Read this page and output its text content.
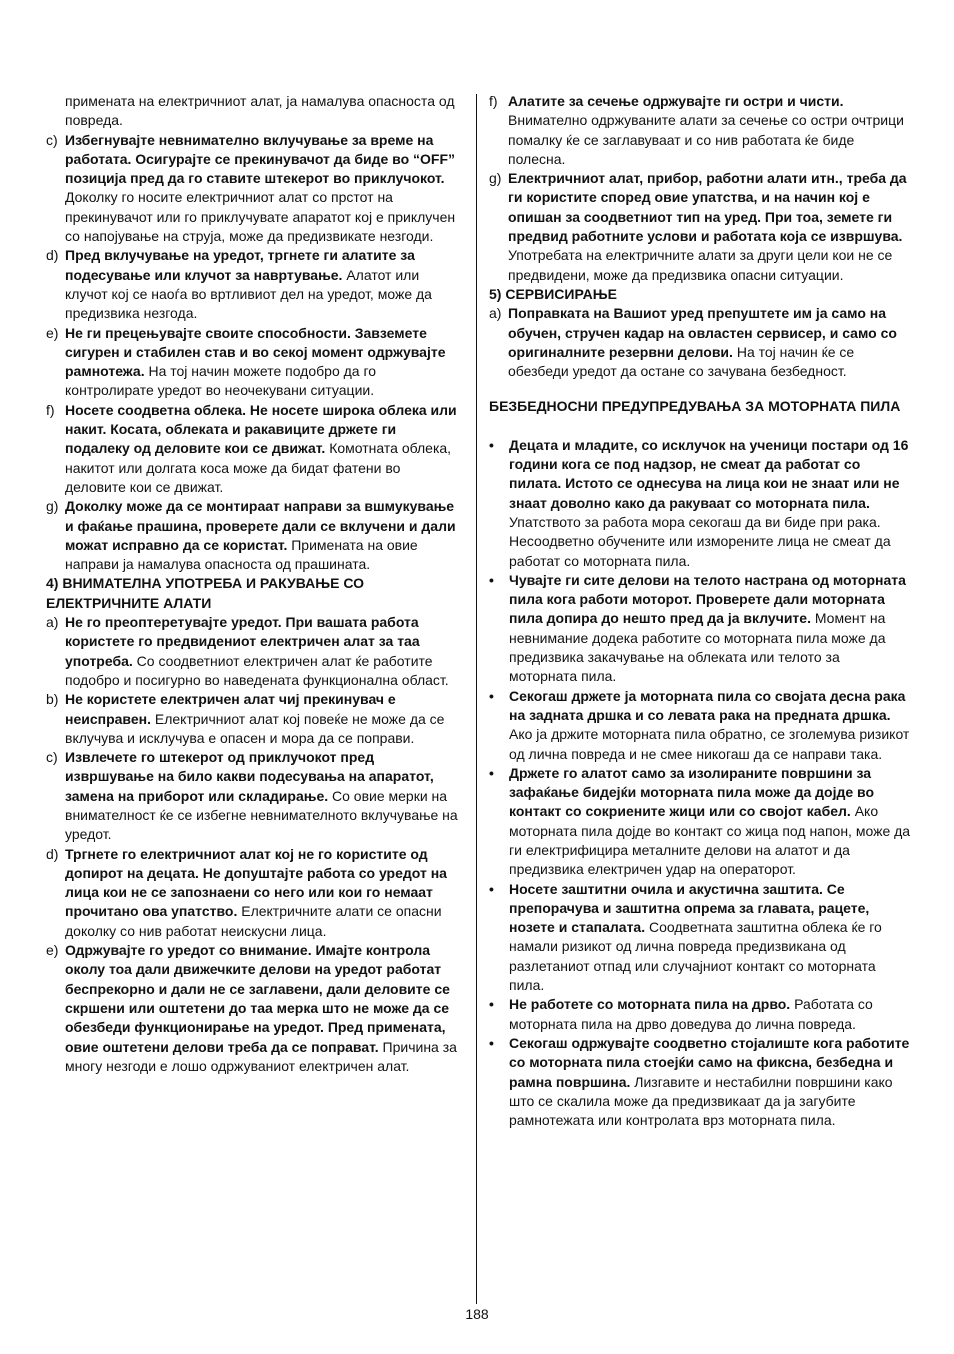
примената на електричниот алат, ја намалува опасноста од повреда.
c) Избегнувајте невнимателно вклучување за време на работата. Осигурајте се прекинувачот да биде во “OFF” позиција пред да го ставите штекерот во приклучокот. Доколку го носите електричниот алат со прстот на прекинувачот или го приклучувате апаратот кој е приклучен со напојување на струја, може да предизвикате незгоди.
d) Пред вклучување на уредот, тргнете ги алатите за подесување или клучот за навртување. Алатот или клучот кој се наоѓа во вртливиот дел на уредот, може да предизвика незгода.
e) Не ги прецењувајте своите способности. Завземете сигурен и стабилен став и во секој момент одржувајте рамнотежа. На тој начин можете подобро да го контролирате уредот во неочекувани ситуации.
f) Носете соодветна облека. Не носете широка облека или накит. Косата, облеката и ракавиците држете ги подалеку од деловите кои се движат. Комотната облека, накитот или долгата коса може да бидат фатени во деловите кои се движат.
g) Доколку може да се монтираат направи за вшмукување и фаќање прашина, проверете дали се вклучени и дали можат исправно да се користат. Примената на овие направи ја намалува опасноста од прашината.
4) ВНИМАТЕЛНА УПОТРЕБА И РАКУВАЊЕ СО ЕЛЕКТРИЧНИТЕ АЛАТИ
a) Не го преоптеретувајте уредот. При вашата работа користете го предвидениот електричен алат за таа употреба. Со соодветниот електричен алат ќе работите подобро и посигурно во наведената функционална област.
b) Не користете електричен алат чиј прекинувач е неисправен. Електричниот алат кој повеќе не може да се вклучува и исклучува е опасен и мора да се поправи.
c) Извлечете го штекерот од приклучокот пред извршување на било какви подесувања на апаратот, замена на приборот или складирање. Со овие мерки на внимателност ќе се избегне невнимателното вклучување на уредот.
d) Тргнете го електричниот алат кој не го користите од допирот на децата. Не допуштајте работа со уредот на лица кои не се запознаени со него или кои го немаат прочитано ова упатство. Електричните алати се опасни доколку со нив работат неискусни лица.
e) Одржувајте го уредот со внимание. Имајте контрола околу тоа дали движечките делови на уредот работат беспрекорно и дали не се заглавени, дали деловите се скршени или оштетени до таа мерка што не може да се обезбеди функционирање на уредот. Пред примената, овие оштетени делови треба да се поправат. Причина за многу незгоди е лошо одржуваниот електричен алат.
f) Алатите за сечење одржувајте ги остри и чисти. Внимателно одржуваните алати за сечење со остри очтрици помалку ќе се заглавуваат и со нив работата ќе биде полесна.
g) Електричниот алат, прибор, работни алати итн., треба да ги користите според овие упатства, и на начин кој е опишан за соодветниот тип на уред. При тоа, земете ги предвид работните услови и работата која се извршува. Употребата на електричните алати за други цели кои не се предвидени, може да предизвика опасни ситуации.
5) СЕРВИСИРАЊЕ
a) Поправката на Вашиот уред препуштете им ја само на обучен, стручен кадар на овластен сервисер, и само со оригиналните резервни делови. На тој начин ќе се обезбеди уредот да остане со зачувана безбедност.
БЕЗБЕДНОСНИ ПРЕДУПРЕДУВАЊА ЗА МОТОРНАТА ПИЛА
• Децата и младите, со исклучок на ученици постари од 16 години кога се под надзор, не смеат да работат со пилата. Истото се однесува на лица кои не знаат или не знаат доволно како да ракуваат со моторната пила. Упатството за работа мора секогаш да ви биде при рака. Несоодветно обучените или изморените лица не смеат да работат со моторната пила.
• Чувајте ги сите делови на телото настрана од моторната пила кога работи моторот. Проверете дали моторната пила допира до нешто пред да ја вклучите. Момент на невнимание додека работите со моторната пила може да предизвика закачување на облеката или телото за моторната пила.
• Секогаш држете ја моторната пила со својата десна рака на задната дршка и со левата рака на предната дршка. Ако ја држите моторната пила обратно, се зголемува ризикот од лична повреда и не смее никогаш да се направи така.
• Држете го алатот само за изолираните површини за зафаќање бидејќи моторната пила може да дојде во контакт со сокриените жици или со својот кабел. Ако моторната пила дојде во контакт со жица под напон, може да ги електрифицира металните делови на алатот и да предизвика електричен удар на операторот.
• Носете заштитни очила и акустична заштита. Се препорачува и заштитна опрема за главата, рацете, нозете и стапалата. Соодветната заштитна облека ќе го намали ризикот од лична повреда предизвикана од разлетаниот отпад или случајниот контакт со моторната пила.
• Не работете со моторната пила на дрво. Работата со моторната пила на дрво доведува до лична повреда.
• Секогаш одржувајте соодветно стојалиште кога работите со моторната пила стоејќи само на фиксна, безбедна и рамна површина. Лизгавите и нестабилни површини како што се скалила може да предизвикаат да ја загубите рамнотежата или контролата врз моторната пила.
188
